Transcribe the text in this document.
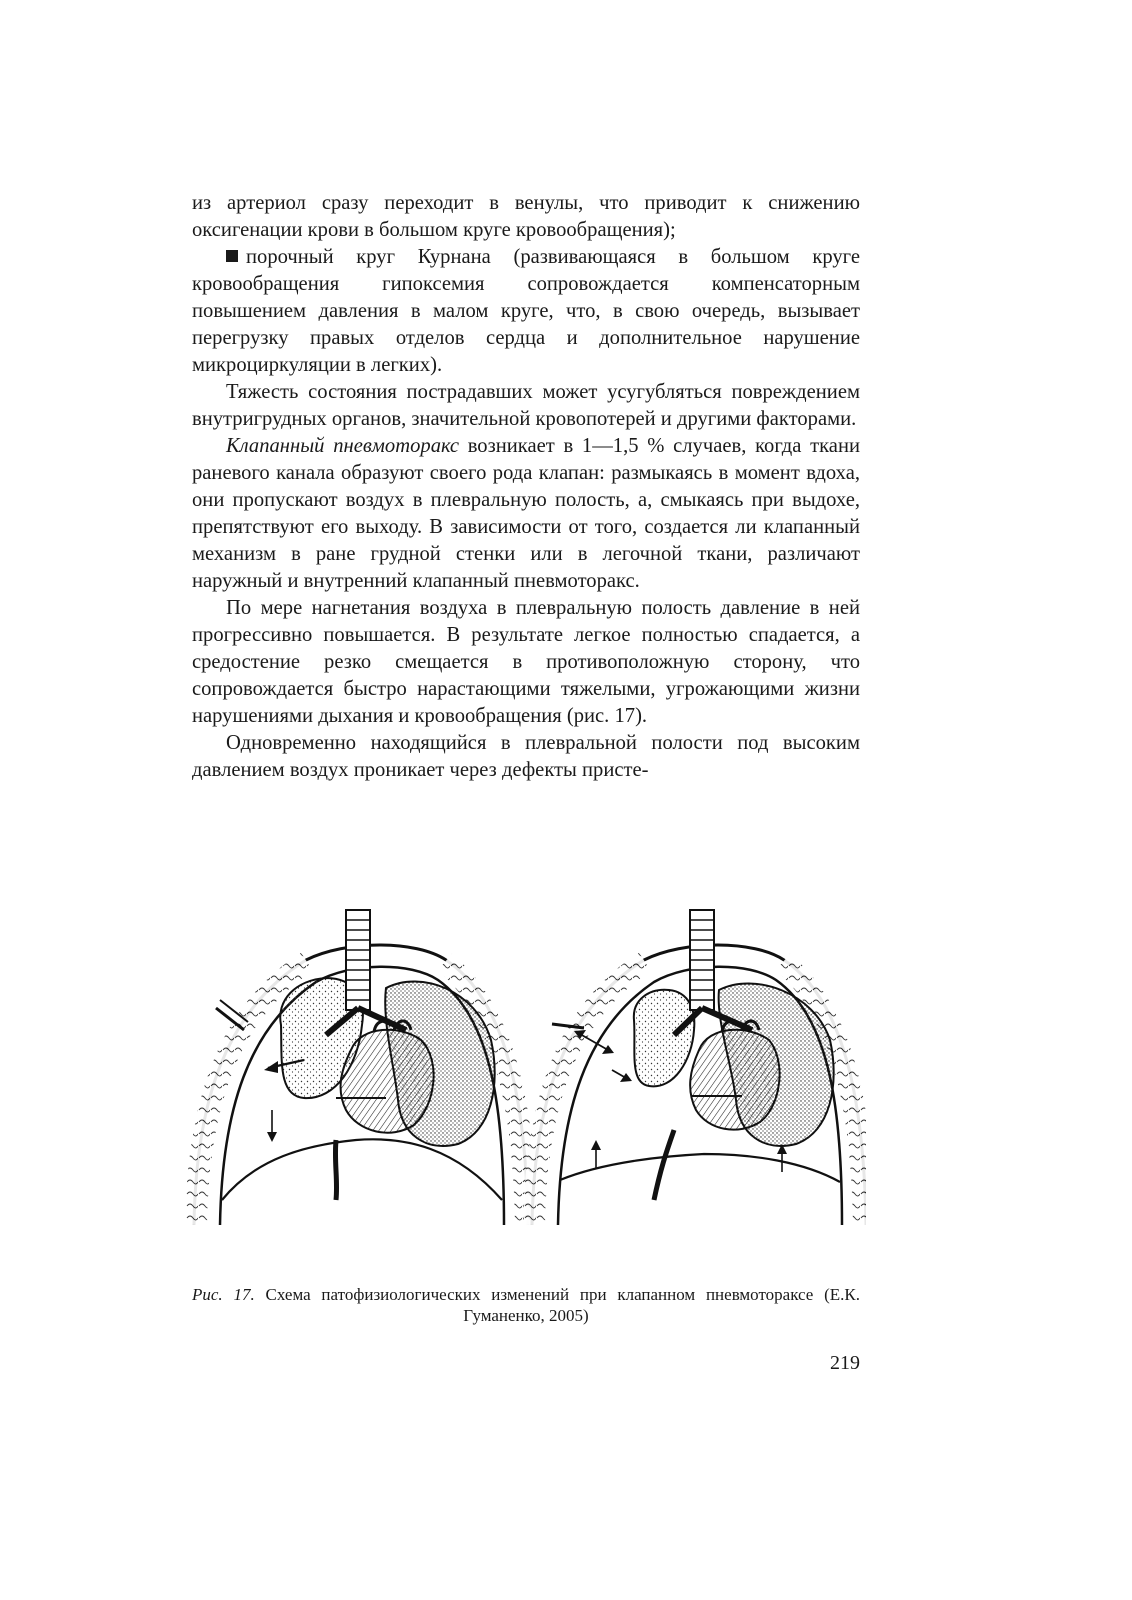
из артериол сразу переходит в венулы, что приводит к снижению оксигенации крови в большом круге кровообращения);

порочный круг Курнана (развивающаяся в большом круге кровообращения гипоксемия сопровождается компенсаторным повышением давления в малом круге, что, в свою очередь, вызывает перегрузку правых отделов сердца и дополнительное нарушение микроциркуляции в легких).

Тяжесть состояния пострадавших может усугубляться повреждением внутригрудных органов, значительной кровопотерей и другими факторами.

Клапанный пневмоторакс возникает в 1—1,5 % случаев, когда ткани раневого канала образуют своего рода клапан: размыкаясь в момент вдоха, они пропускают воздух в плевральную полость, а, смыкаясь при выдохе, препятствуют его выходу. В зависимости от того, создается ли клапанный механизм в ране грудной стенки или в легочной ткани, различают наружный и внутренний клапанный пневмоторакс.

По мере нагнетания воздуха в плевральную полость давление в ней прогрессивно повышается. В результате легкое полностью спадается, а средостение резко смещается в противоположную сторону, что сопровождается быстро нарастающими тяжелыми, угрожающими жизни нарушениями дыхания и кровообращения (рис. 17).

Одновременно находящийся в плевральной полости под высоким давлением воздух проникает через дефекты присте-

Рис. 17. Схема патофизиологических изменений при клапанном пневмотораксе (Е.К. Гуманенко, 2005)
219
